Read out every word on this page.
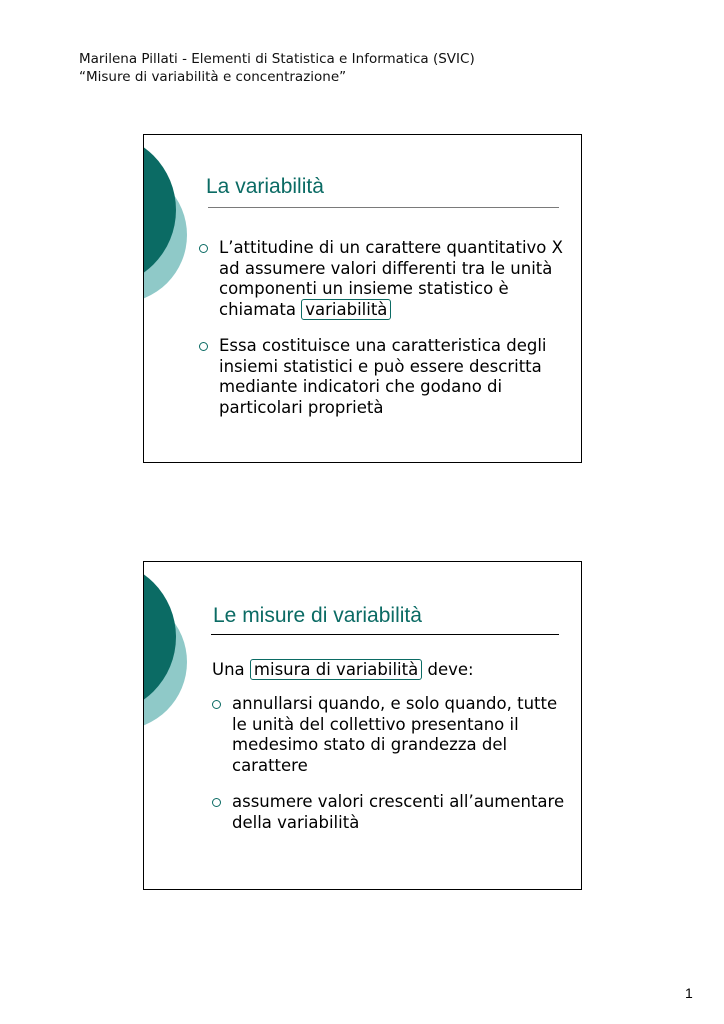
Marilena Pillati - Elementi di Statistica e Informatica (SVIC)
“Misure di variabilità e concentrazione”
La variabilità
L’attitudine di un carattere quantitativo X ad assumere valori differenti tra le unità componenti un insieme statistico è chiamata variabilità
Essa costituisce una caratteristica degli insiemi statistici e può essere descritta mediante indicatori che godano di particolari proprietà
Le misure di variabilità
Una misura di variabilità deve:
annullarsi quando, e solo quando, tutte le unità del collettivo presentano il medesimo stato di grandezza del carattere
assumere valori crescenti all’aumentare della variabilità
1
